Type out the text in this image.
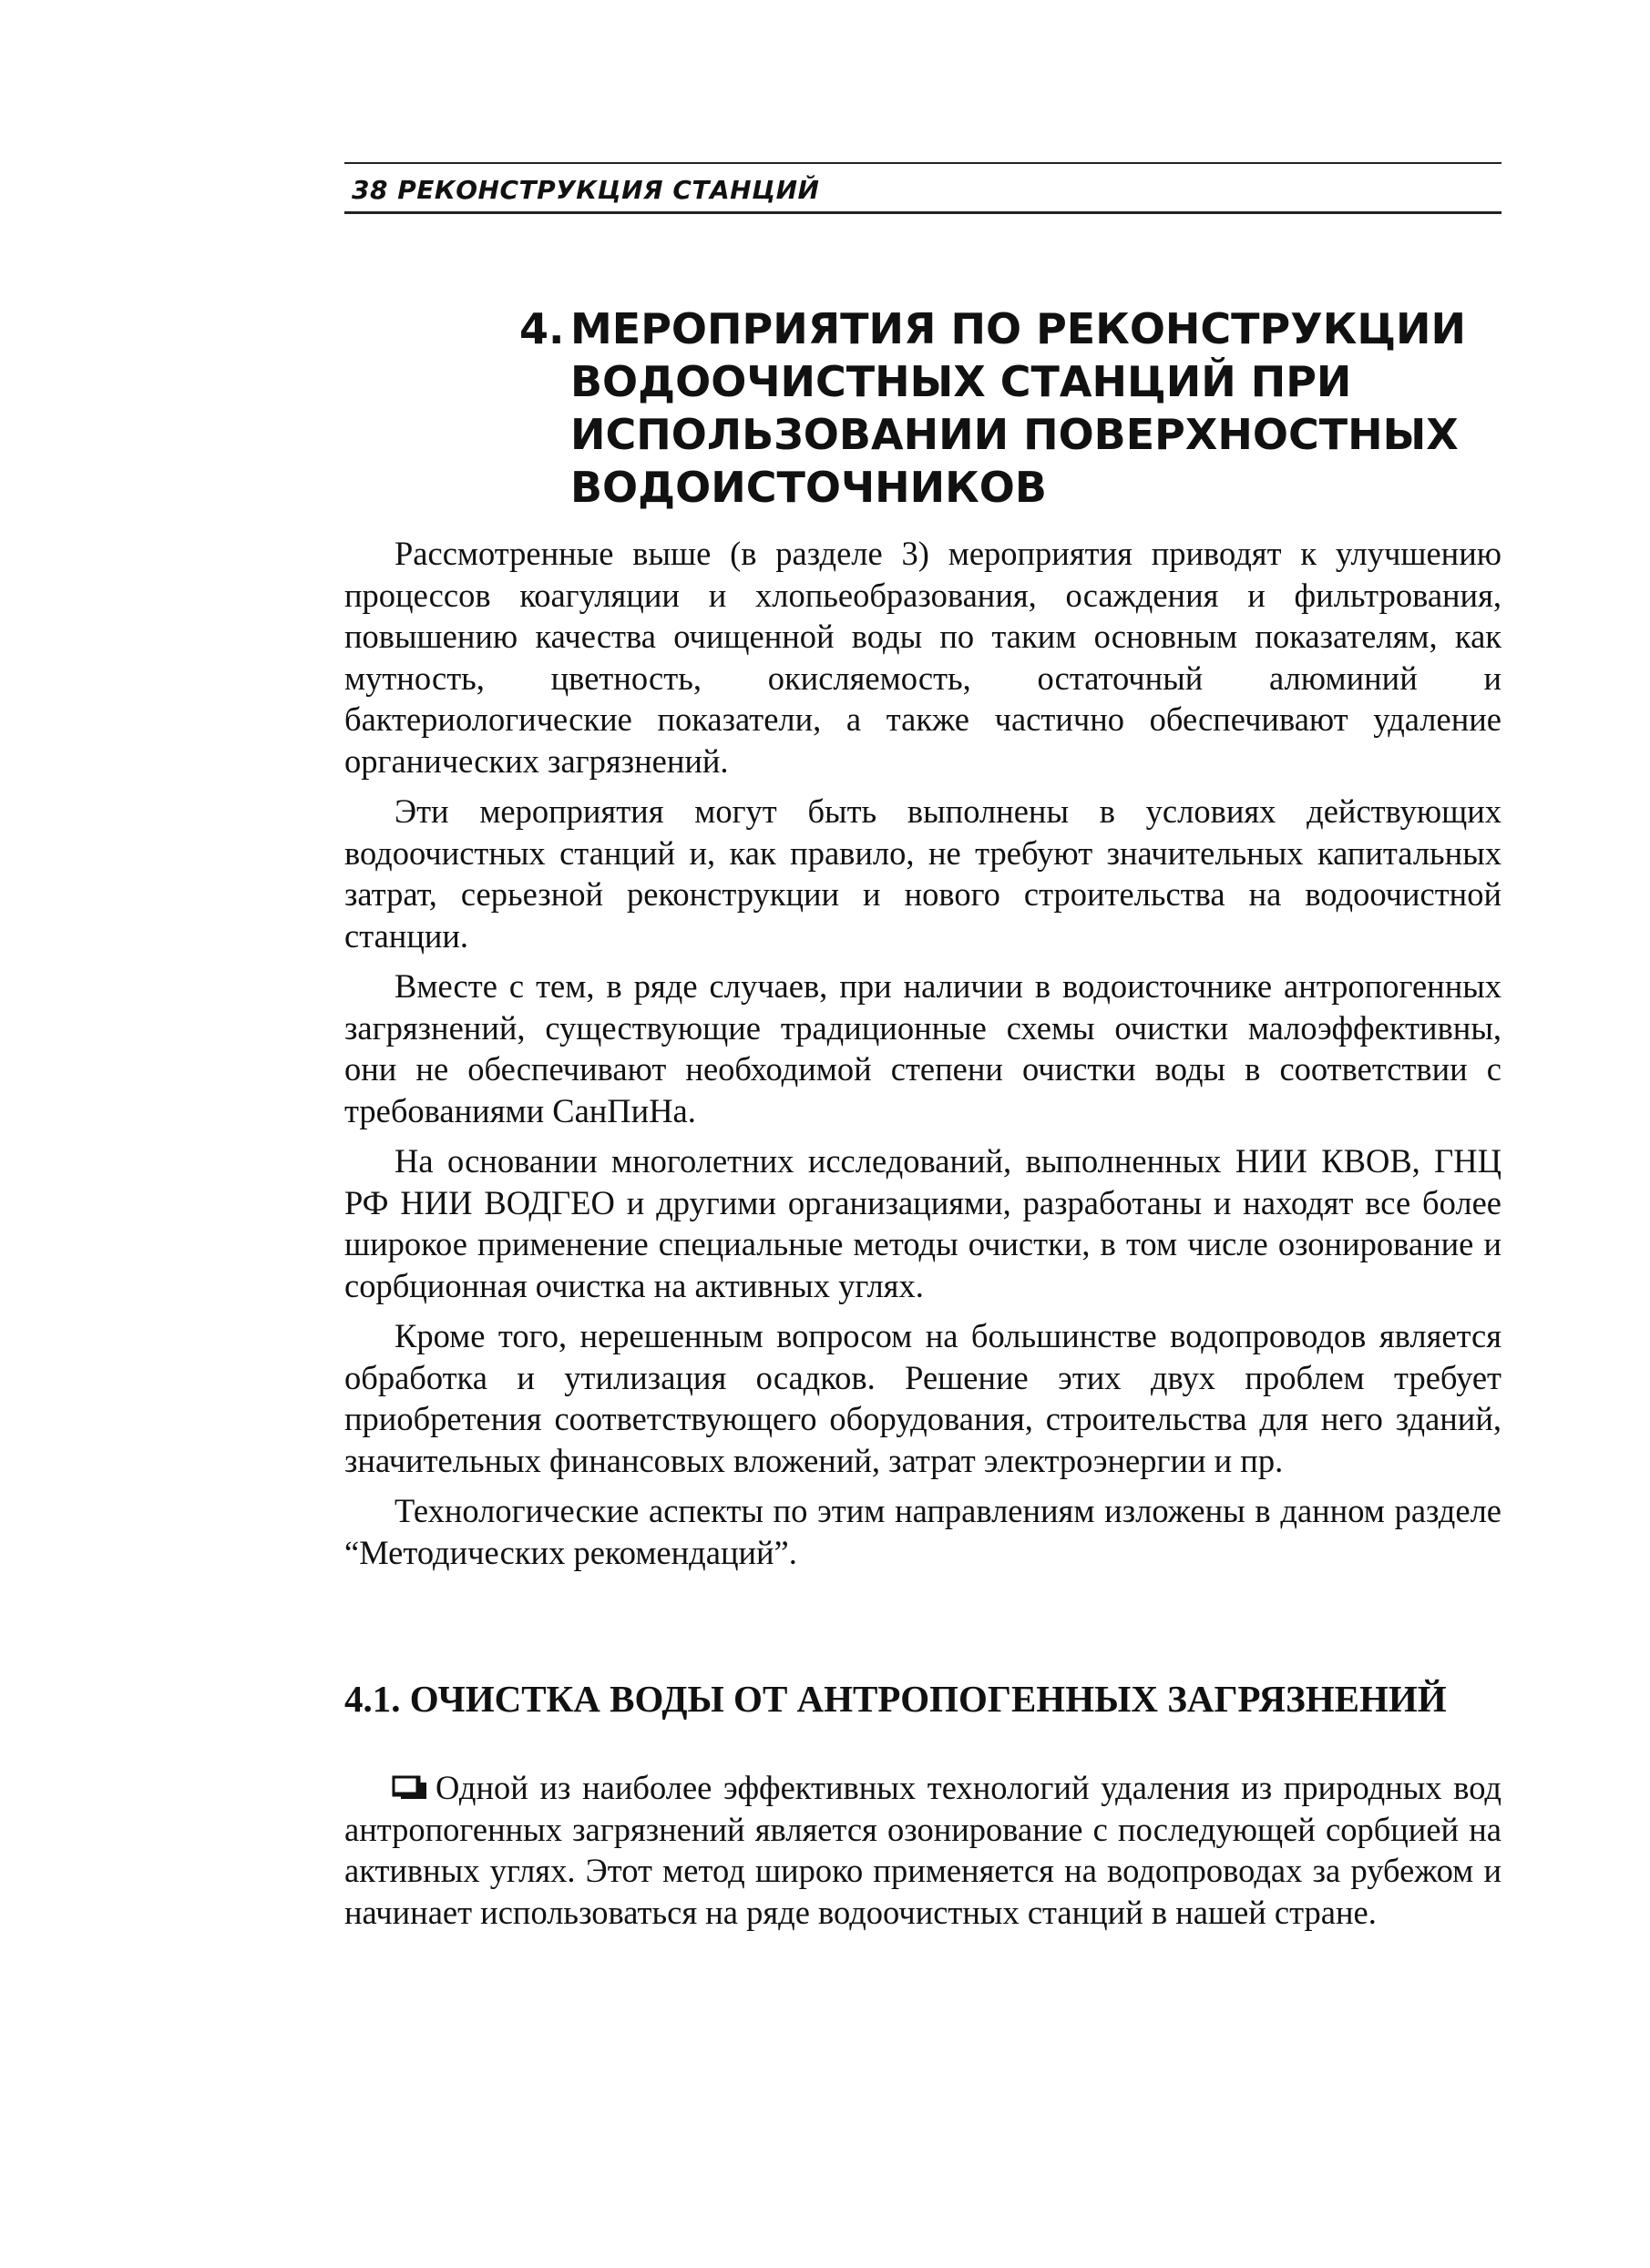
38 РЕКОНСТРУКЦИЯ СТАНЦИЙ
4. МЕРОПРИЯТИЯ ПО РЕКОНСТРУКЦИИ
ВОДООЧИСТНЫХ СТАНЦИЙ ПРИ
ИСПОЛЬЗОВАНИИ ПОВЕРХНОСТНЫХ
ВОДОИСТОЧНИКОВ

Рассмотренные выше (в разделе 3) мероприятия приводят к улучшению процессов коагуляции и хлопьеобразования, осаждения и фильтрования, повышению качества очищенной воды по таким основным показателям, как мутность, цветность, окисляемость, остаточный алюминий и бактериологические показатели, а также частично обеспечивают удаление органических загрязнений.

Эти мероприятия могут быть выполнены в условиях действующих водоочистных станций и, как правило, не требуют значительных капитальных затрат, серьезной реконструкции и нового строительства на водоочистной станции.

Вместе с тем, в ряде случаев, при наличии в водоисточнике антропогенных загрязнений, существующие традиционные схемы очистки малоэффективны, они не обеспечивают необходимой степени очистки воды в соответствии с требованиями СанПиНа.

На основании многолетних исследований, выполненных НИИ КВОВ, ГНЦ РФ НИИ ВОДГЕО и другими организациями, разработаны и находят все более широкое применение специальные методы очистки, в том числе озонирование и сорбционная очистка на активных углях.

Кроме того, нерешенным вопросом на большинстве водопроводов является обработка и утилизация осадков. Решение этих двух проблем требует приобретения соответствующего оборудования, строительства для него зданий, значительных финансовых вложений, затрат электроэнергии и пр.

Технологические аспекты по этим направлениям изложены в данном разделе “Методических рекомендаций”.

4.1. ОЧИСТКА ВОДЫ ОТ АНТРОПОГЕННЫХ ЗАГРЯЗНЕНИЙ

Одной из наиболее эффективных технологий удаления из природных вод антропогенных загрязнений является озонирование с последующей сорбцией на активных углях. Этот метод широко применяется на водопроводах за рубежом и начинает использоваться на ряде водоочистных станций в нашей стране.
